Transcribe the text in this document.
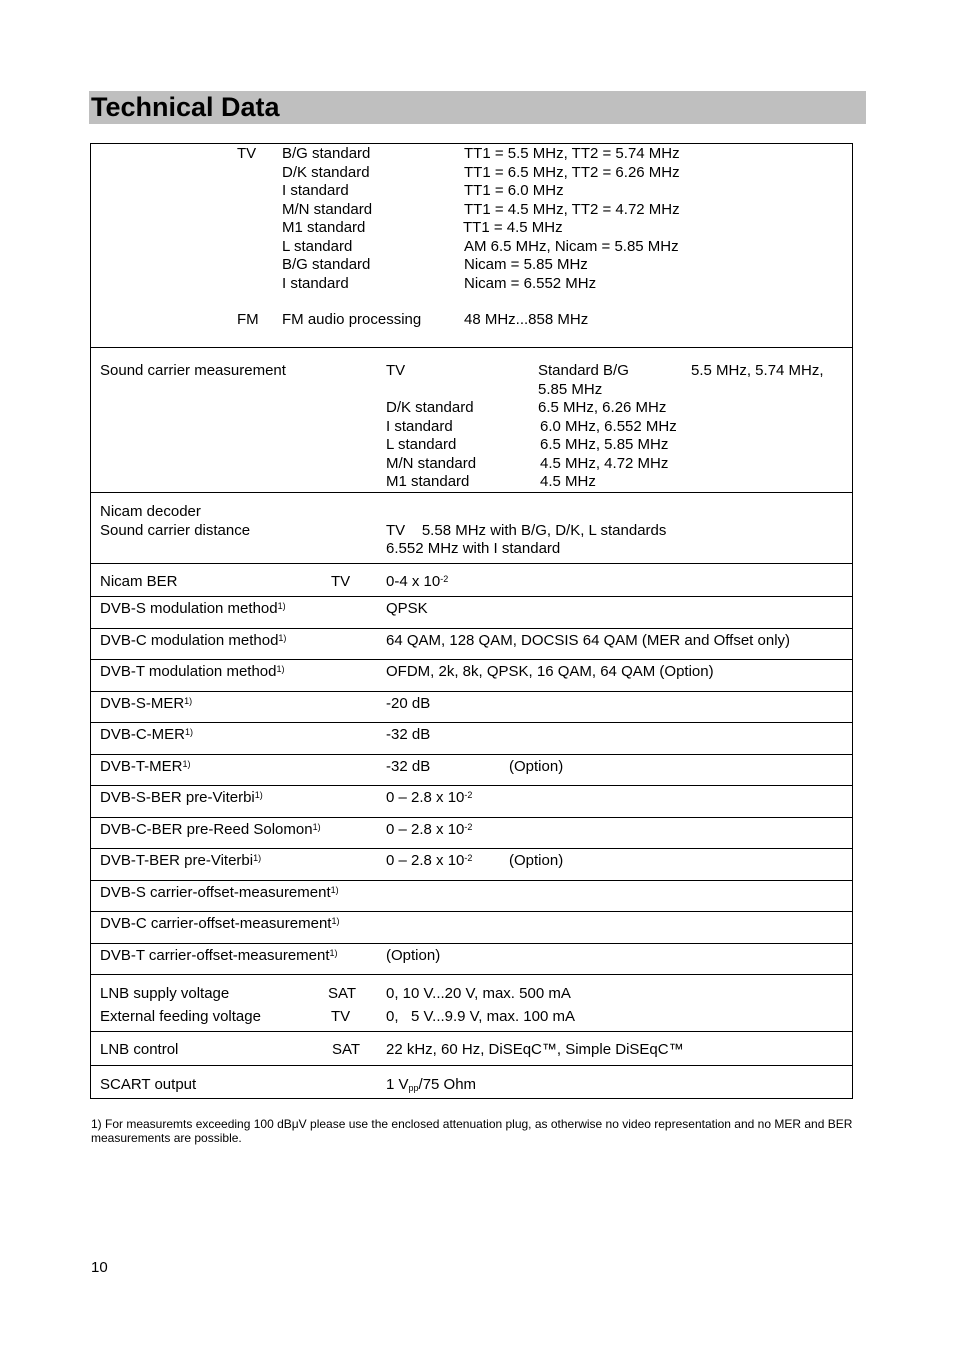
Technical Data
TV B/G standard	TT1 = 5.5 MHz, TT2 = 5.74 MHz
D/K standard	TT1 = 6.5 MHz, TT2 = 6.26 MHz
I standard	TT1 = 6.0 MHz
M/N standard	TT1 = 4.5 MHz, TT2 = 4.72 MHz
M1 standard	TT1 = 4.5 MHz
L standard	AM 6.5 MHz, Nicam = 5.85 MHz
B/G standard	Nicam = 5.85 MHz
I standard	Nicam = 6.552 MHz
FM FM audio processing	48 MHz...858 MHz
Sound carrier measurement	TV	Standard B/G	5.5 MHz, 5.74 MHz,
5.85 MHz
D/K standard	6.5 MHz, 6.26 MHz
I standard	6.0 MHz, 6.552 MHz
L standard	6.5 MHz, 5.85 MHz
M/N standard	4.5 MHz, 4.72 MHz
M1 standard	4.5 MHz
Nicam decoder
Sound carrier distance	TV    5.58 MHz with B/G, D/K, L standards
6.552 MHz with I standard
Nicam BER	TV 0-4 x $10^{-2}$
DVB-S modulation method$^{1)}$	QPSK
DVB-C modulation method$^{1)}$	64 QAM, 128 QAM, DOCSIS 64 QAM (MER and Offset only)
DVB-T modulation method$^{1)}$	OFDM, 2k, 8k, QPSK, 16 QAM, 64 QAM (Option)
DVB-S-MER$^{1)}$	-20 dB
DVB-C-MER$^{1)}$	-32 dB
DVB-T-MER$^{1)}$	-32 dB	(Option)
DVB-S-BER pre-Viterbi$^{1)}$	0 – 2.8 x $10^{-2}$
DVB-C-BER pre-Reed Solomon$^{1)}$	0 – 2.8 x $10^{-2}$
DVB-T-BER pre-Viterbi$^{1)}$	0 – 2.8 x $10^{-2}$ (Option)
DVB-S carrier-offset-measurement$^{1)}$
DVB-C carrier-offset-measurement$^{1)}$
DVB-T carrier-offset-measurement$^{1)}$	(Option)
LNB supply voltage	SAT 0, 10 V...20 V, max. 500 mA
External feeding voltage	TV 0,   5 V...9.9 V, max. 100 mA
LNB control	SAT 22 kHz, 60 Hz, DiSEqC™, Simple DiSEqC™
SCART output	1 $V_{pp}/75$ Ohm
1) For measuremts exceeding 100 dBμV please use the enclosed attenuation plug, as otherwise no video representation and no MER and BER measurements are possible.
10
